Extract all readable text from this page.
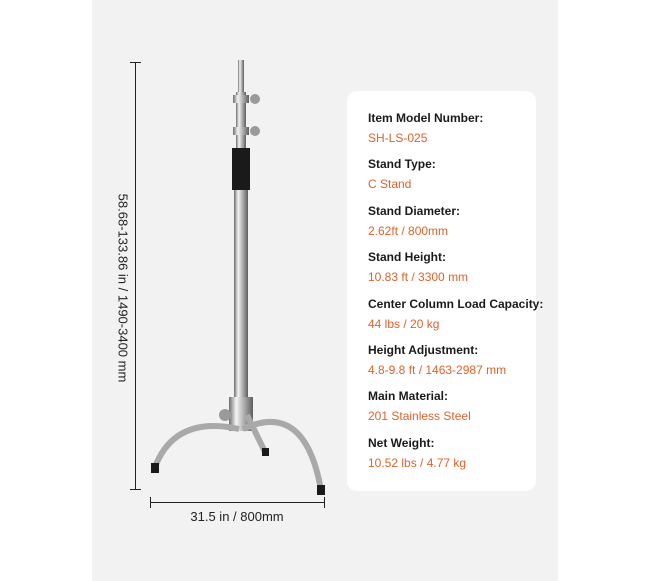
58.68-133.86 in / 1490-3400 mm
31.5 in / 800mm
Item Model Number:
SH-LS-025
Stand Type:
C Stand
Stand Diameter:
2.62ft / 800mm
Stand Height:
10.83 ft / 3300 mm
Center Column Load Capacity:
44 lbs / 20 kg
Height Adjustment:
4.8-9.8 ft / 1463-2987 mm
Main Material:
201 Stainless Steel
Net Weight:
10.52 lbs / 4.77 kg
